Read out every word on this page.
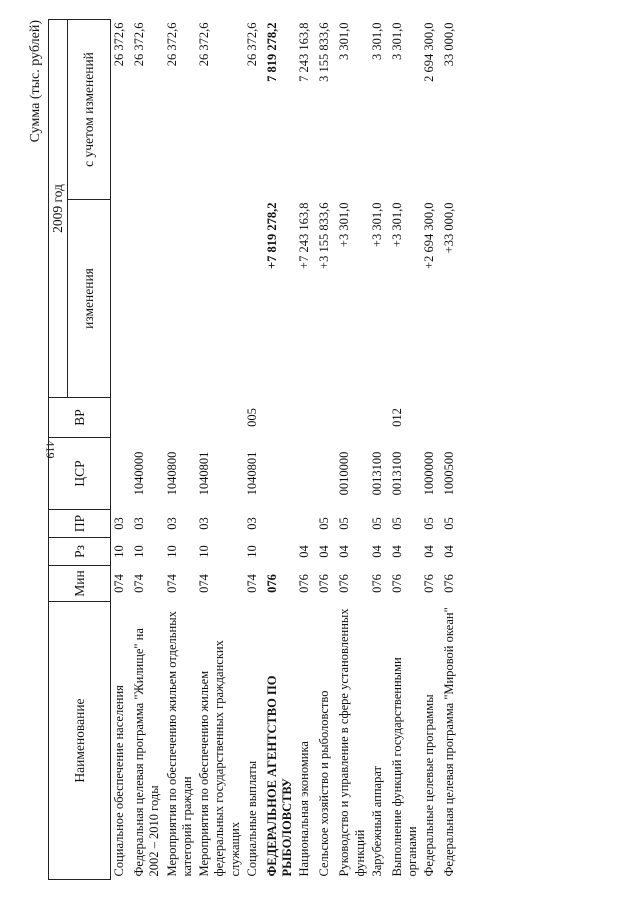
419
Сумма (тыс. рублей)
Наименование	Мин	Рз	ПР	ЦСР	ВР	2009 год	
						изменения	с учетом изменений
Социальное обеспечение населения	074	10	03				26 372,6
Федеральная целевая программа "Жилище" на 2002 – 2010 годы	074	10	03	1040000			26 372,6
Мероприятия по обеспечению жильем отдельных категорий граждан	074	10	03	1040800			26 372,6
Мероприятия по обеспечению жильем федеральных государственных гражданских служащих	074	10	03	1040801			26 372,6
Социальные выплаты	074	10	03	1040801	005		26 372,6
ФЕДЕРАЛЬНОЕ АГЕНТСТВО ПО РЫБОЛОВСТВУ	076					+7 819 278,2	7 819 278,2
Национальная экономика	076	04				+7 243 163,8	7 243 163,8
Сельское хозяйство и рыболовство	076	04	05			+3 155 833,6	3 155 833,6
Руководство и управление в сфере установленных функций	076	04	05	0010000		+3 301,0	3 301,0
Зарубежный аппарат	076	04	05	0013100		+3 301,0	3 301,0
Выполнение функций государственными органами	076	04	05	0013100	012	+3 301,0	3 301,0
Федеральные целевые программы	076	04	05	1000000		+2 694 300,0	2 694 300,0
Федеральная целевая программа "Мировой океан"	076	04	05	1000500		+33 000,0	33 000,0
